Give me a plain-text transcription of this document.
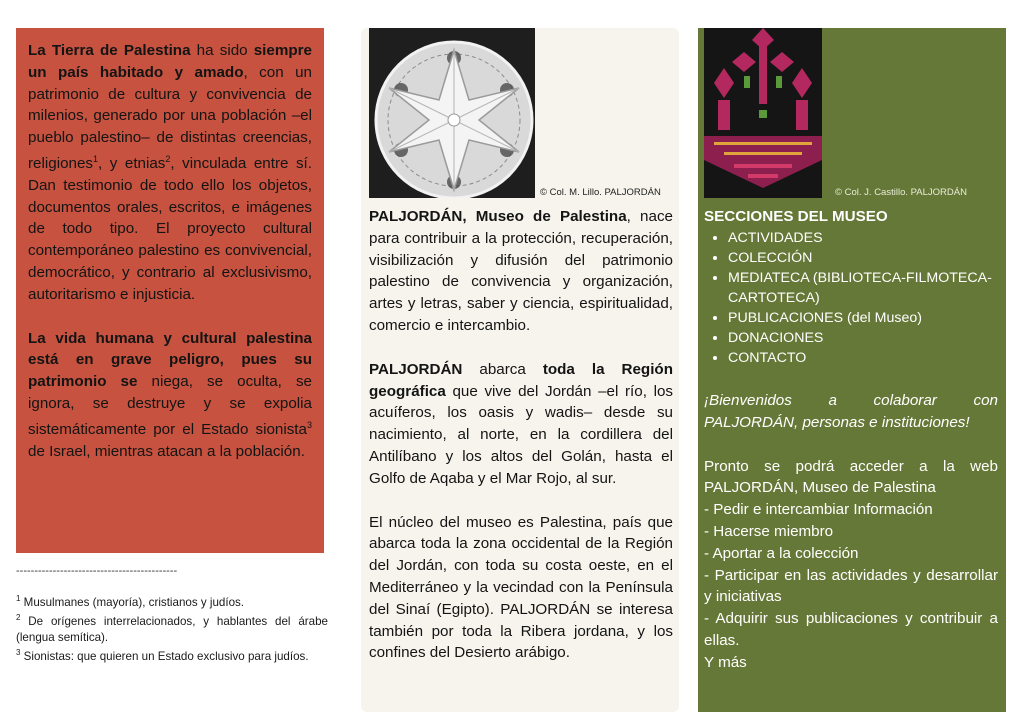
La Tierra de Palestina ha sido siempre un país habitado y amado, con un patrimonio de cultura y convivencia de milenios, generado por una población –el pueblo palestino– de distintas creencias, religiones$^1$, y etnias$^2$, vinculada entre sí. Dan testimonio de todo ello los objetos, documentos orales, escritos, e imágenes de todo tipo. El proyecto cultural contemporáneo palestino es convivencial, democrático, y contrario al exclusivismo, autoritarismo e injusticia.

La vida humana y cultural palestina está en grave peligro, pues su patrimonio se niega, se oculta, se ignora, se destruye y se expolia sistemáticamente por el Estado sionista$^3$ de Israel, mientras atacan a la población.

--------------------------------------------

$^1$ Musulmanes (mayoría), cristianos y judíos.

$^2$ De orígenes interrelacionados, y hablantes del árabe (lengua semítica).

$^3$ Sionistas: que quieren un Estado exclusivo para judíos.

© Col. M. Lillo. PALJORDÁN

PALJORDÁN, Museo de Palestina, nace para contribuir a la protección, recuperación, visibilización y difusión del patrimonio palestino de convivencia y organización, artes y letras, saber y ciencia, espiritualidad, comercio e intercambio.

PALJORDÁN abarca toda la Región geográfica que vive del Jordán –el río, los acuíferos, los oasis y wadis– desde su nacimiento, al norte, en la cordillera del Antilíbano y los altos del Golán, hasta el Golfo de Aqaba y el Mar Rojo, al sur.

El núcleo del museo es Palestina, país que abarca toda la zona occidental de la Región del Jordán, con toda su costa oeste, en el Mediterráneo y la vecindad con la Península del Sinaí (Egipto). PALJORDÁN se interesa también por toda la Ribera jordana, y los confines del Desierto arábigo.

© Col. J. Castillo. PALJORDÁN

SECCIONES DEL MUSEO

• ACTIVIDADES
• COLECCIÓN
• MEDIATECA (BIBLIOTECA-FILMOTECA-CARTOTECA)
• PUBLICACIONES (del Museo)
• DONACIONES
• CONTACTO

¡Bienvenidos a colaborar con PALJORDÁN, personas e instituciones!

Pronto se podrá acceder a la web PALJORDÁN, Museo de Palestina

- Pedir e intercambiar Información

- Hacerse miembro

- Aportar a la colección

- Participar en las actividades y desarrollar y iniciativas

- Adquirir sus publicaciones y contribuir a ellas.

Y más
